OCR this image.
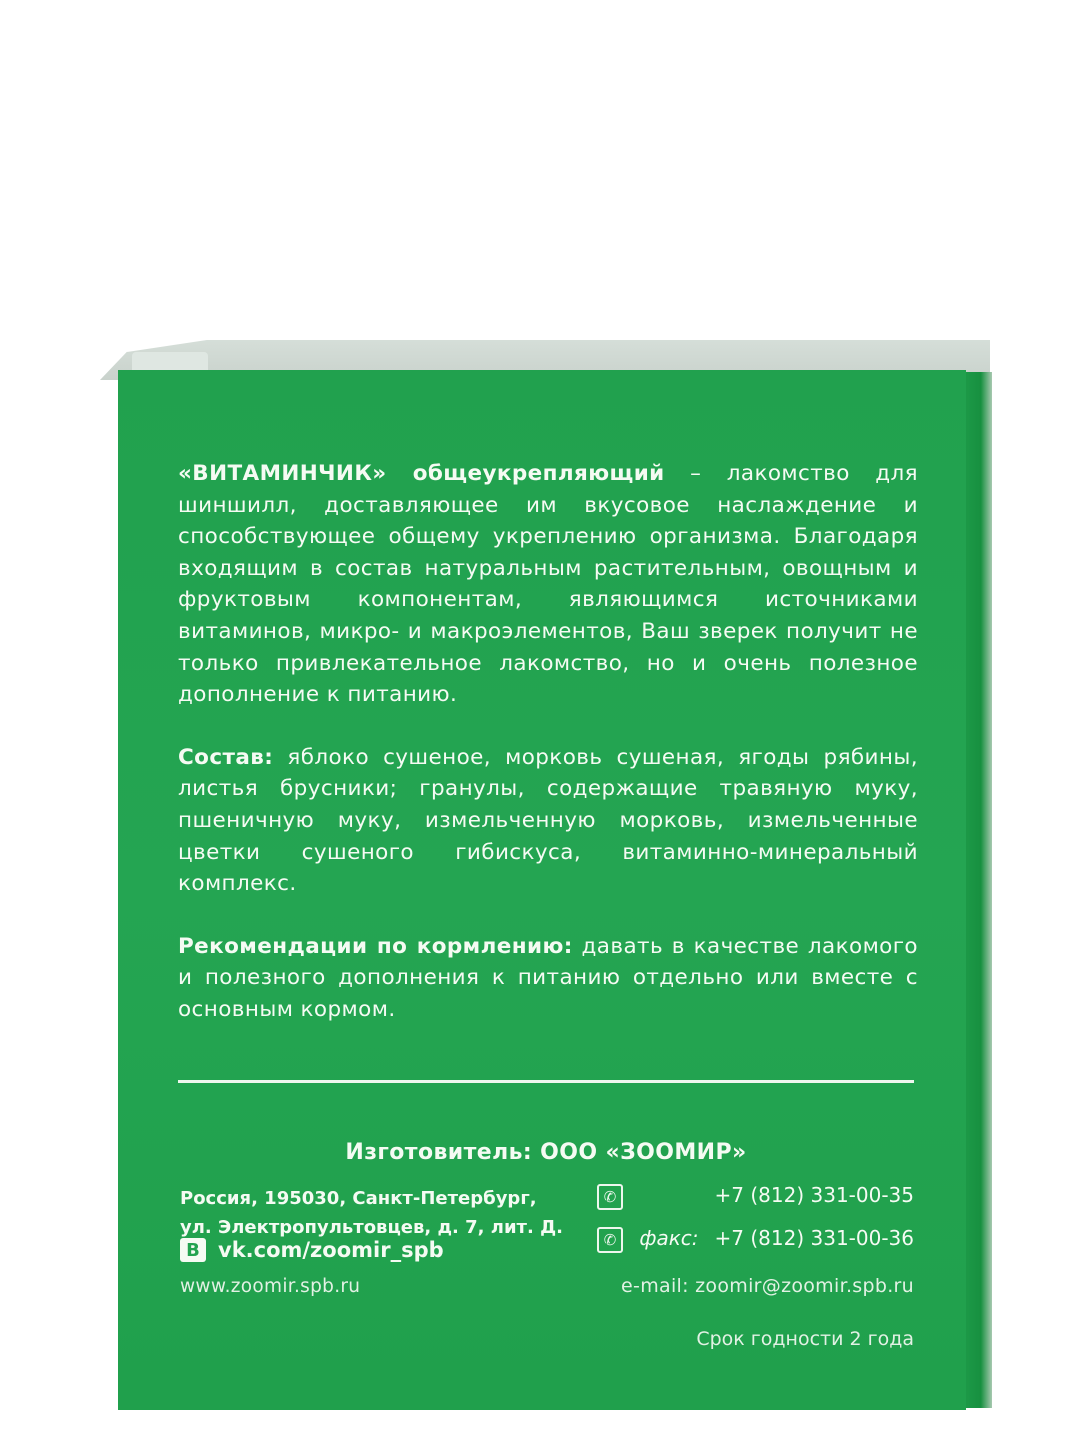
«ВИТАМИНЧИК» общеукрепляющий – лакомство для шиншилл, доставляющее им вкусовое наслаждение и способствующее общему укреплению организма. Благодаря входящим в состав натуральным растительным, овощным и фруктовым компонентам, являющимся источниками витаминов, микро- и макроэлементов, Ваш зверек получит не только привлекательное лакомство, но и очень полезное дополнение к питанию.

Состав: яблоко сушеное, морковь сушеная, ягоды рябины, листья брусники; гранулы, содержащие травяную муку, пшеничную муку, измельченную морковь, измельченные цветки сушеного гибискуса, витаминно-минеральный комплекс.

Рекомендации по кормлению: давать в качестве лакомого и полезного дополнения к питанию отдельно или вместе с основным кормом.

Изготовитель: ООО «ЗООМИР»
Россия, 195030, Санкт-Петербург,
ул. Электропультовцев, д. 7, лит. Д.
В vk.com/zoomir_spb
www.zoomir.spb.ru
✆	+7 (812) 331-00-35
✆	факс: +7 (812) 331-00-36
e-mail: zoomir@zoomir.spb.ru
Срок годности 2 года
